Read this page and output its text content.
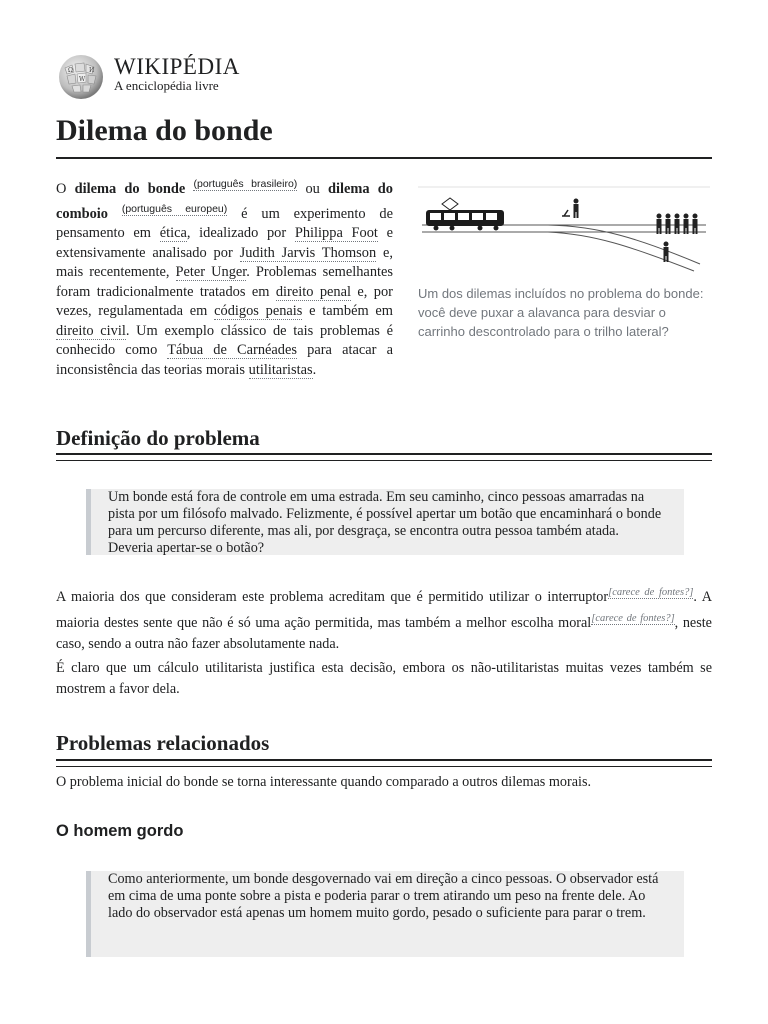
Ω
W
И WIKIPÉDIA
A enciclopédia livre
Dilema do bonde

O dilema do bonde $^{(português brasileiro)}$ ou dilema do comboio $^{(português europeu)}$ é um experimento de pensamento em ética, idealizado por Philippa Foot e extensivamente analisado por Judith Jarvis Thomson e, mais recentemente, Peter Unger. Problemas semelhantes foram tradicionalmente tratados em direito penal e, por vezes, regulamentada em códigos penais e também em direito civil. Um exemplo clássico de tais problemas é conhecido como Tábua de Carnéades para atacar a inconsistência das teorias morais utilitaristas.

Um dos dilemas incluídos no problema do bonde: você deve puxar a alavanca para desviar o carrinho descontrolado para o trilho lateral?
Definição do problema
Um bonde está fora de controle em uma estrada. Em seu caminho, cinco pessoas amarradas na pista por um filósofo malvado. Felizmente, é possível apertar um botão que encaminhará o bonde para um percurso diferente, mas ali, por desgraça, se encontra outra pessoa também atada. Deveria apertar-se o botão?

A maioria dos que consideram este problema acreditam que é permitido utilizar o interruptor[carece de fontes?]. A maioria destes sente que não é só uma ação permitida, mas também a melhor escolha moral[carece de fontes?], neste caso, sendo a outra não fazer absolutamente nada.

É claro que um cálculo utilitarista justifica esta decisão, embora os não-utilitaristas muitas vezes também se mostrem a favor dela.

Problemas relacionados

O problema inicial do bonde se torna interessante quando comparado a outros dilemas morais.

O homem gordo
Como anteriormente, um bonde desgovernado vai em direção a cinco pessoas. O observador está em cima de uma ponte sobre a pista e poderia parar o trem atirando um peso na frente dele. Ao lado do observador está apenas um homem muito gordo, pesado o suficiente para parar o trem.
